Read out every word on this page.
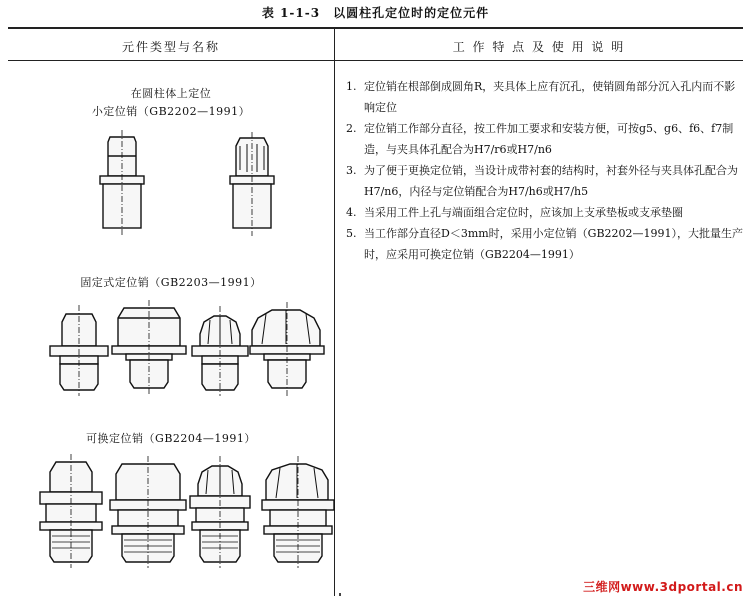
表 1-1-3　以圆柱孔定位时的定位元件
元件类型与名称	工 作 特 点 及 使 用 说 明
在圆柱体上定位
小定位销（GB2202—1991）
固定式定位销（GB2203—1991）
可换定位销（GB2204—1991）
1. 定位销在根部倒成圆角R，夹具体上应有沉孔，使销圆角部分沉入孔内而不影响定位
2. 定位销工作部分直径，按工件加工要求和安装方便，可按g5、g6、f6、f7制造，与夹具体孔配合为H7/r6或H7/n6
3. 为了便于更换定位销，当设计成带衬套的结构时，衬套外径与夹具体孔配合为H7/n6，内径与定位销配合为H7/h6或H7/h5
4. 当采用工件上孔与端面组合定位时，应该加上支承垫板或支承垫圈
5. 当工作部分直径D＜3mm时，采用小定位销（GB2202—1991），大批量生产时，应采用可换定位销（GB2204—1991）
三维网www.3dportal.cn
